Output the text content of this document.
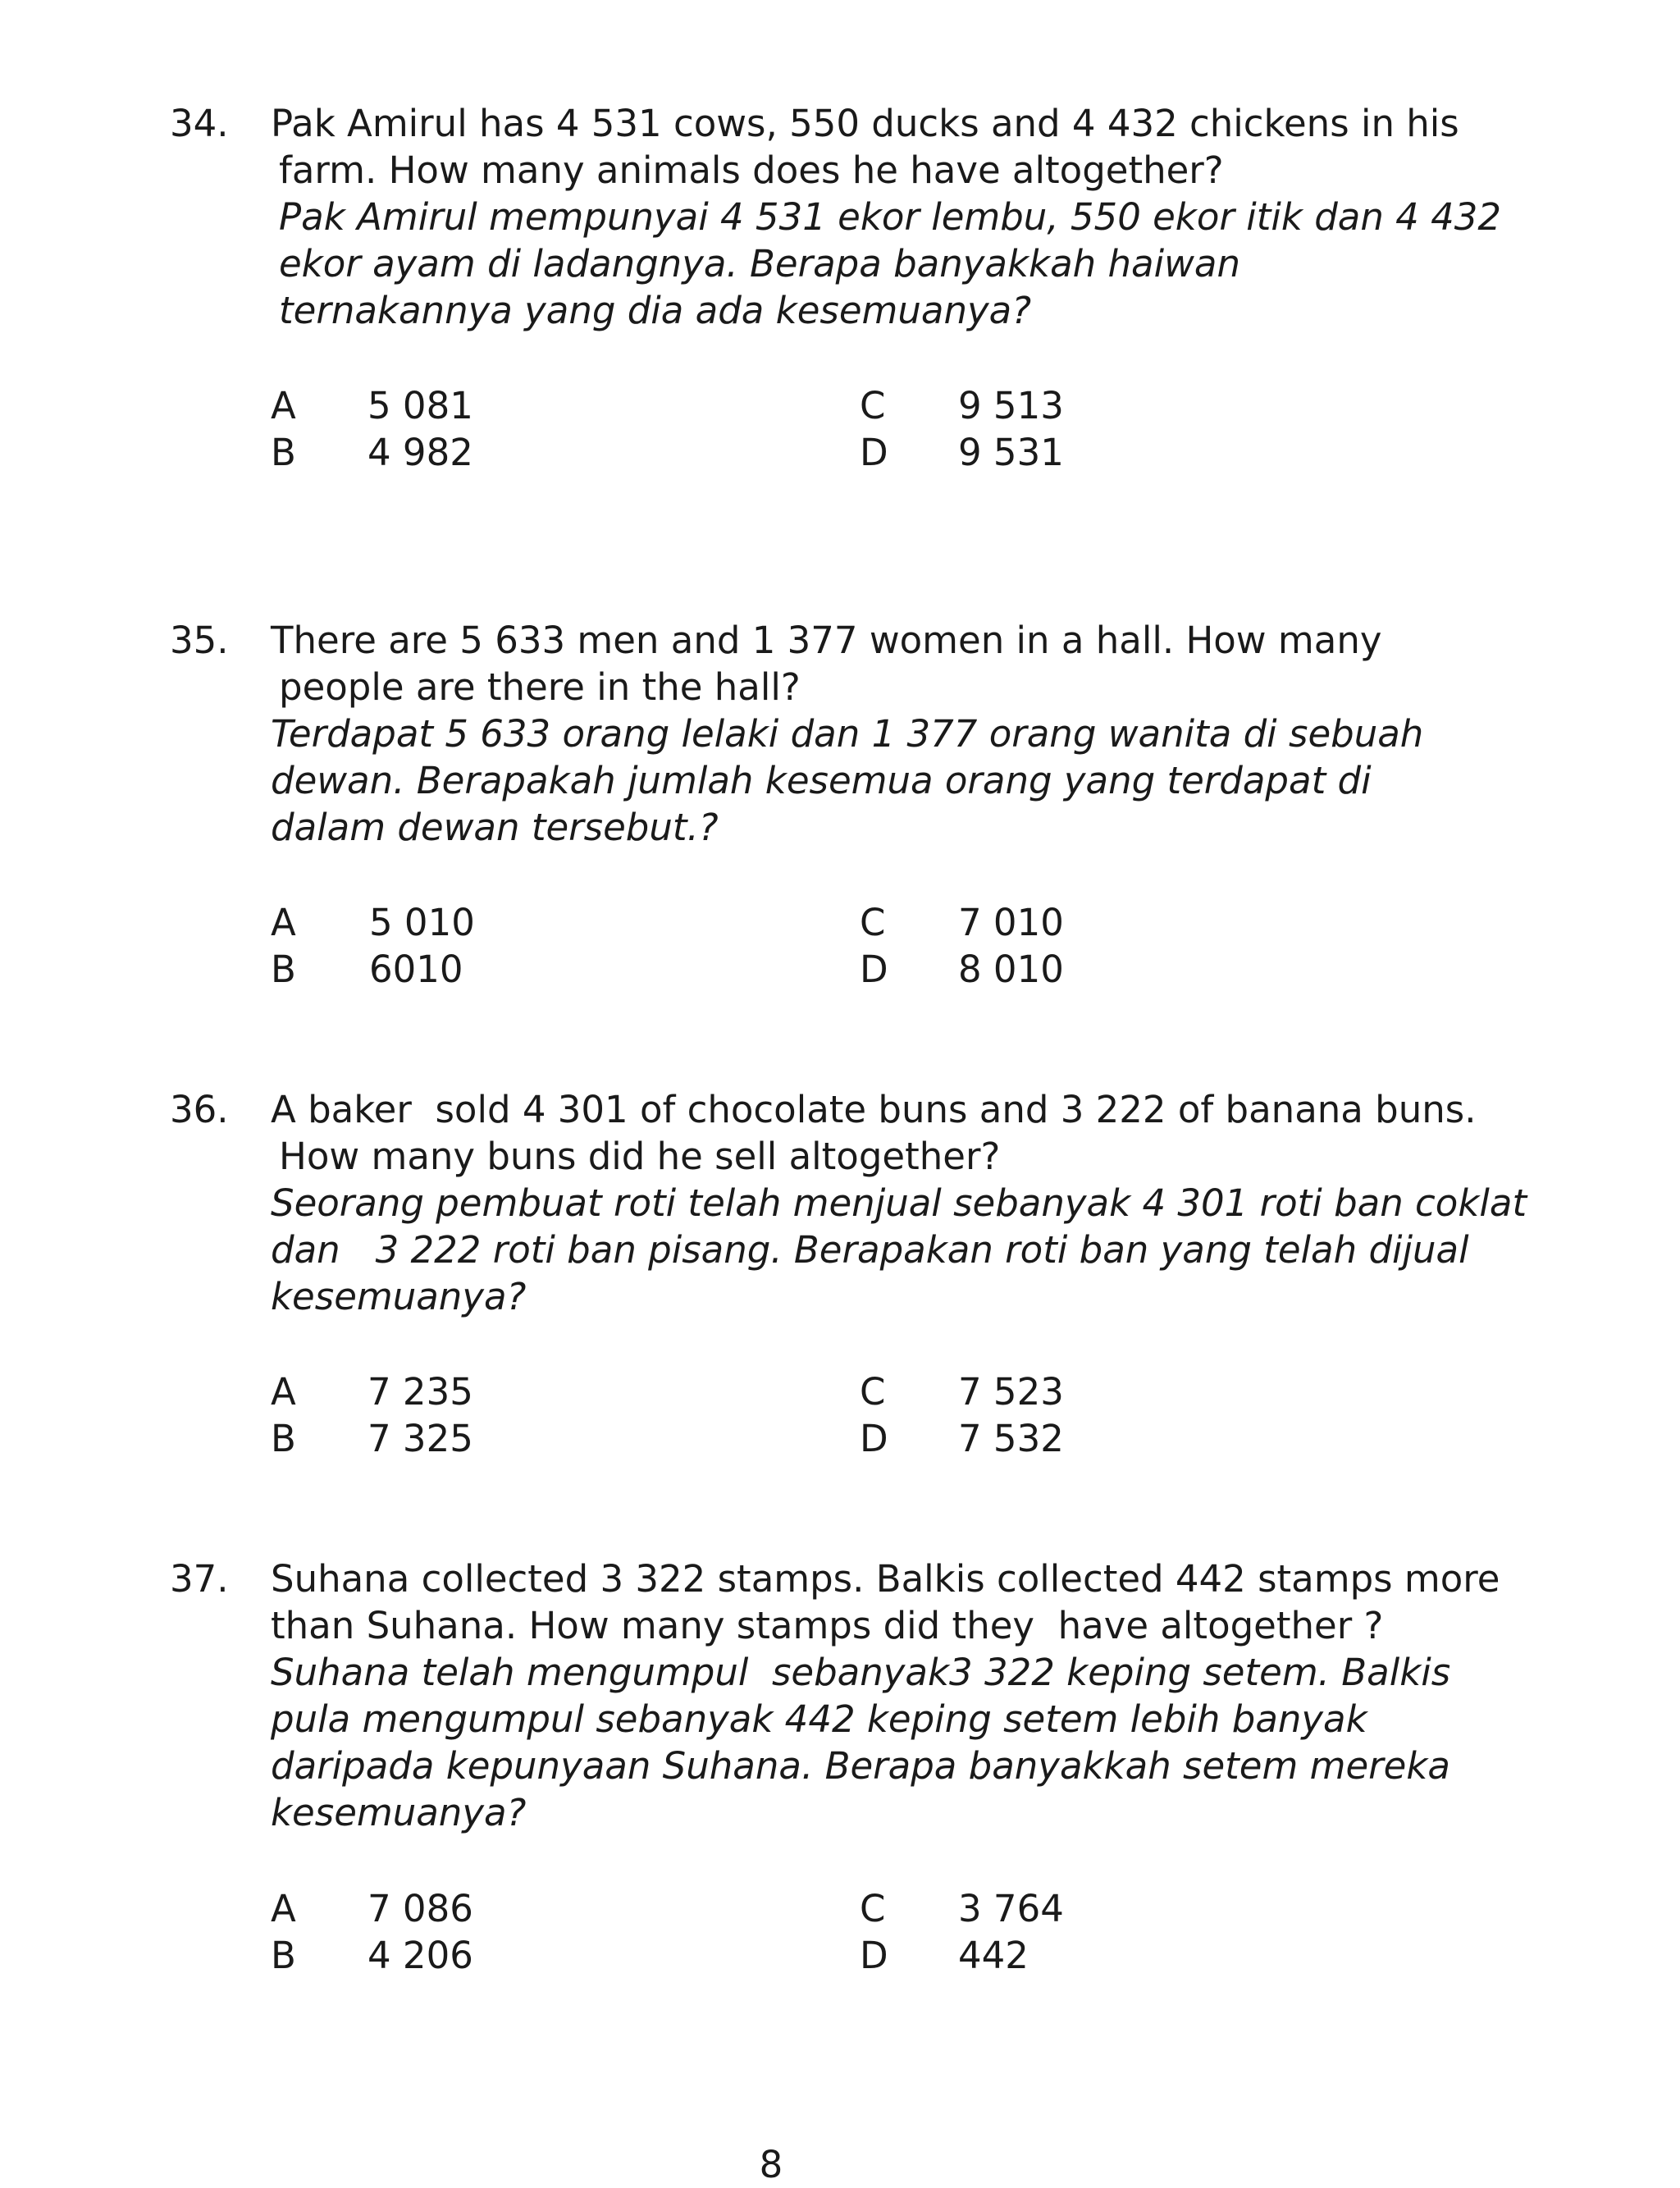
34. Pak Amirul has 4 531 cows, 550 ducks and 4 432 chickens in his
farm. How many animals does he have altogether?
Pak Amirul mempunyai 4 531 ekor lembu, 550 ekor itik dan 4 432
ekor ayam di ladangnya. Berapa banyakkah haiwan
ternakannya yang dia ada kesemuanya?

A

5 081

B

4 982

C

9 513

D

9 531

35. There are 5 633 men and 1 377 women in a hall. How many
people are there in the hall?
Terdapat 5 633 orang lelaki dan 1 377 orang wanita di sebuah
dewan. Berapakah jumlah kesemua orang yang terdapat di
dalam dewan tersebut.?

A

5 010

B

6010

C

7 010

D

8 010

36. A baker  sold 4 301 of chocolate buns and 3 222 of banana buns.
How many buns did he sell altogether?
Seorang pembuat roti telah menjual sebanyak 4 301 roti ban coklat
dan   3 222 roti ban pisang. Berapakan roti ban yang telah dijual
kesemuanya?

A

7 235

B

7 325

C

7 523

D

7 532

37. Suhana collected 3 322 stamps. Balkis collected 442 stamps more
than Suhana. How many stamps did they  have altogether ?
Suhana telah mengumpul  sebanyak3 322 keping setem. Balkis
pula mengumpul sebanyak 442 keping setem lebih banyak
daripada kepunyaan Suhana. Berapa banyakkah setem mereka
kesemuanya?

A

7 086

B

4 206

C

3 764

D

442

8
